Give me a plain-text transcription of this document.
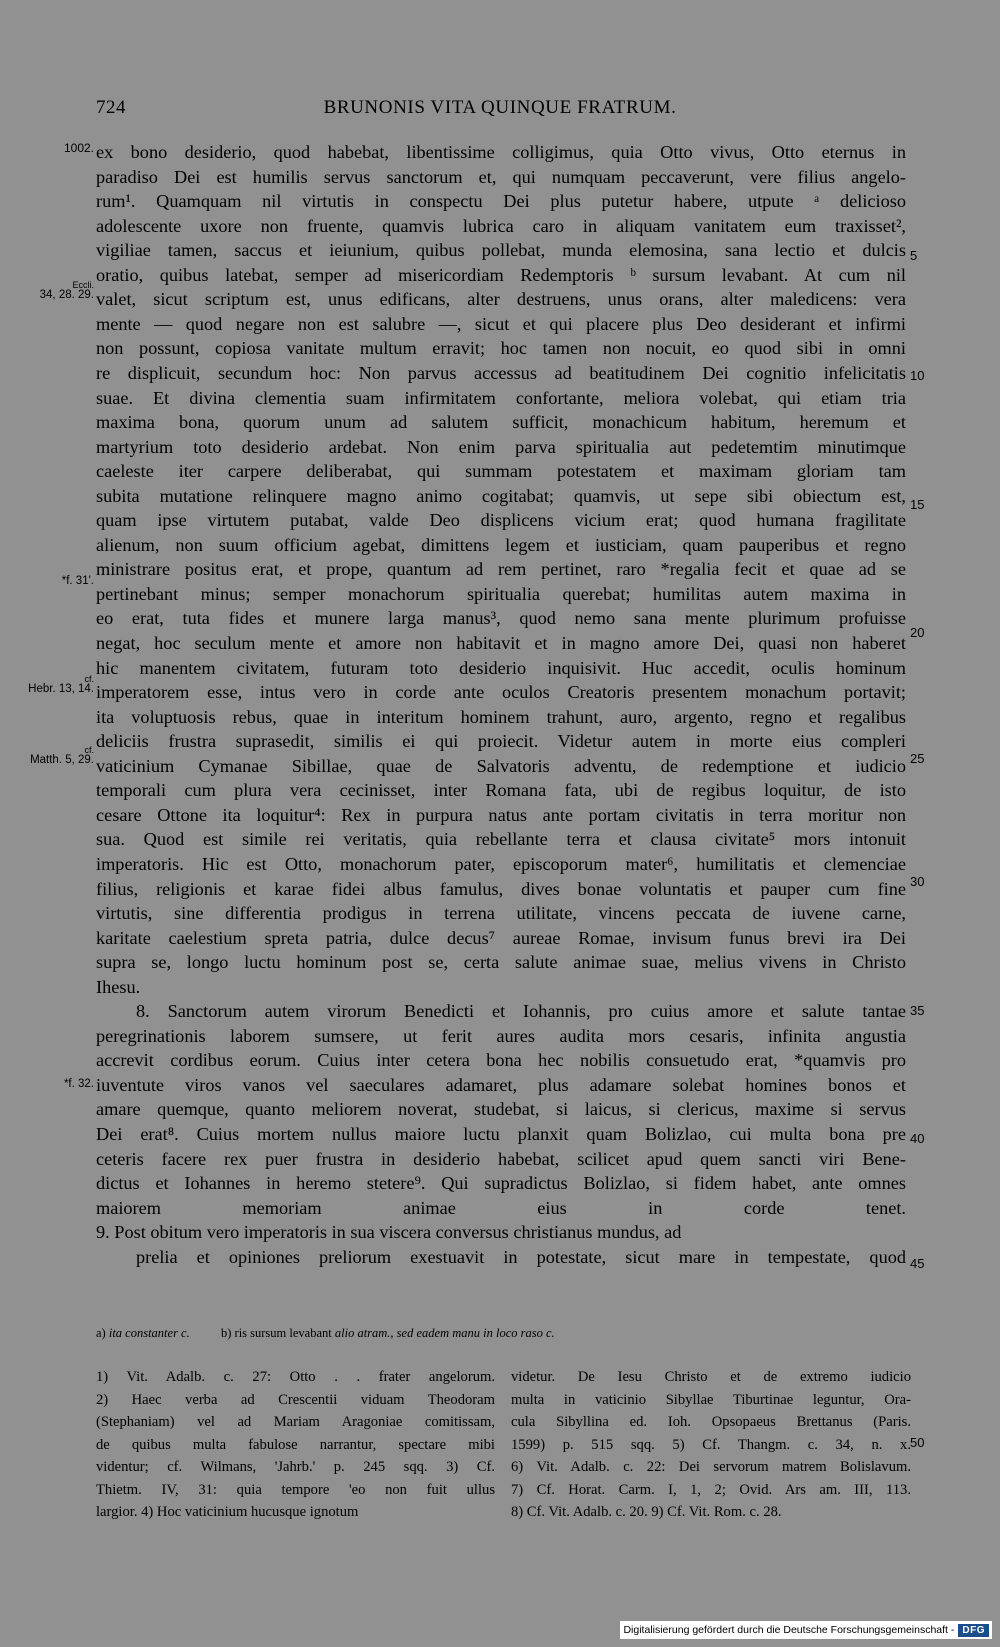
724	BRUNONIS VITA QUINQUE FRATRUM.
ex bono desiderio, quod habebat, libentissime colligimus, quia Otto vivus, Otto eternus in
paradiso Dei est humilis servus sanctorum et, qui numquam peccaverunt, vere filius angelo-
rum¹. Quamquam nil virtutis in conspectu Dei plus putetur habere, utpute ᵃ delicioso
adolescente uxore non fruente, quamvis lubrica caro in aliquam vanitatem eum traxisset²,
vigiliae tamen, saccus et ieiunium, quibus pollebat, munda elemosina, sana lectio et dulcis
oratio, quibus latebat, semper ad misericordiam Redemptoris ᵇ sursum levabant. At cum nil
valet, sicut scriptum est, unus edificans, alter destruens, unus orans, alter maledicens: vera
mente — quod negare non est salubre —, sicut et qui placere plus Deo desiderant et infirmi
non possunt, copiosa vanitate multum erravit; hoc tamen non nocuit, eo quod sibi in omni
re displicuit, secundum hoc: Non parvus accessus ad beatitudinem Dei cognitio infelicitatis
suae. Et divina clementia suam infirmitatem confortante, meliora volebat, qui etiam tria
maxima bona, quorum unum ad salutem sufficit, monachicum habitum, heremum et
martyrium toto desiderio ardebat. Non enim parva spiritualia aut pedetemtim minutimque
caeleste iter carpere deliberabat, qui summam potestatem et maximam gloriam tam
subita mutatione relinquere magno animo cogitabat; quamvis, ut sepe sibi obiectum est,
quam ipse virtutem putabat, valde Deo displicens vicium erat; quod humana fragilitate
alienum, non suum officium agebat, dimittens legem et iusticiam, quam pauperibus et regno
ministrare positus erat, et prope, quantum ad rem pertinet, raro *regalia fecit et quae ad se
pertinebant minus; semper monachorum spiritualia querebat; humilitas autem maxima in
eo erat, tuta fides et munere larga manus³, quod nemo sana mente plurimum profuisse
negat, hoc seculum mente et amore non habitavit et in magno amore Dei, quasi non haberet
hic manentem civitatem, futuram toto desiderio inquisivit. Huc accedit, oculis hominum
imperatorem esse, intus vero in corde ante oculos Creatoris presentem monachum portavit;
ita voluptuosis rebus, quae in interitum hominem trahunt, auro, argento, regno et regalibus
deliciis frustra suprasedit, similis ei qui proiecit. Videtur autem in morte eius compleri
vaticinium Cymanae Sibillae, quae de Salvatoris adventu, de redemptione et iudicio
temporali cum plura vera cecinisset, inter Romana fata, ubi de regibus loquitur, de isto
cesare Ottone ita loquitur⁴: Rex in purpura natus ante portam civitatis in terra moritur non
sua. Quod est simile rei veritatis, quia rebellante terra et clausa civitate⁵ mors intonuit
imperatoris. Hic est Otto, monachorum pater, episcoporum mater⁶, humilitatis et clemenciae
filius, religionis et karae fidei albus famulus, dives bonae voluntatis et pauper cum fine
virtutis, sine differentia prodigus in terrena utilitate, vincens peccata de iuvene carne,
karitate caelestium spreta patria, dulce decus⁷ aureae Romae, invisum funus brevi ira Dei
supra se, longo luctu hominum post se, certa salute animae suae, melius vivens in Christo
Ihesu.
8. Sanctorum autem virorum Benedicti et Iohannis, pro cuius amore et salute tantae
peregrinationis laborem sumsere, ut ferit aures audita mors cesaris, infinita angustia
accrevit cordibus eorum. Cuius inter cetera bona hec nobilis consuetudo erat, *quamvis pro
iuventute viros vanos vel saeculares adamaret, plus adamare solebat homines bonos et
amare quemque, quanto meliorem noverat, studebat, si laicus, si clericus, maxime si servus
Dei erat⁸. Cuius mortem nullus maiore luctu planxit quam Bolizlao, cui multa bona pre
ceteris facere rex puer frustra in desiderio habebat, scilicet apud quem sancti viri Bene-
dictus et Iohannes in heremo stetere⁹. Qui supradictus Bolizlao, si fidem habet, ante omnes
maiorem memoriam animae eius in corde tenet.
9. Post obitum vero imperatoris in sua viscera conversus christianus mundus, ad
prelia et opiniones preliorum exestuavit in potestate, sicut mare in tempestate, quod
1002.
Eccli.
34, 28. 29.
*f. 31'.
cf.
Hebr. 13, 14.
cf.
Matth. 5, 29.
*f. 32.
5
10
15
20
25
30
35
40
45
a) ita constanter c.	b) ris sursum levabant alio atram., sed eadem manu in loco raso c.
1) Vit. Adalb. c. 27: Otto . . frater angelorum.
2) Haec verba ad Crescentii viduam Theodoram
(Stephaniam) vel ad Mariam Aragoniae comitissam,
de quibus multa fabulose narrantur, spectare mibi
videntur; cf. Wilmans, 'Jahrb.' p. 245 sqq. 3) Cf.
Thietm. IV, 31: quia tempore 'eo non fuit ullus
largior. 4) Hoc vaticinium hucusque ignotum
videtur. De Iesu Christo et de extremo iudicio
multa in vaticinio Sibyllae Tiburtinae leguntur, Ora-
cula Sibyllina ed. Ioh. Opsopaeus Brettanus (Paris.
1599) p. 515 sqq. 5) Cf. Thangm. c. 34, n. x.
6) Vit. Adalb. c. 22: Dei servorum matrem Bolislavum.
7) Cf. Horat. Carm. I, 1, 2; Ovid. Ars am. III, 113.
8) Cf. Vit. Adalb. c. 20. 9) Cf. Vit. Rom. c. 28.
50
Digitalisierung gefördert durch die Deutsche Forschungsgemeinschaft - DFG
